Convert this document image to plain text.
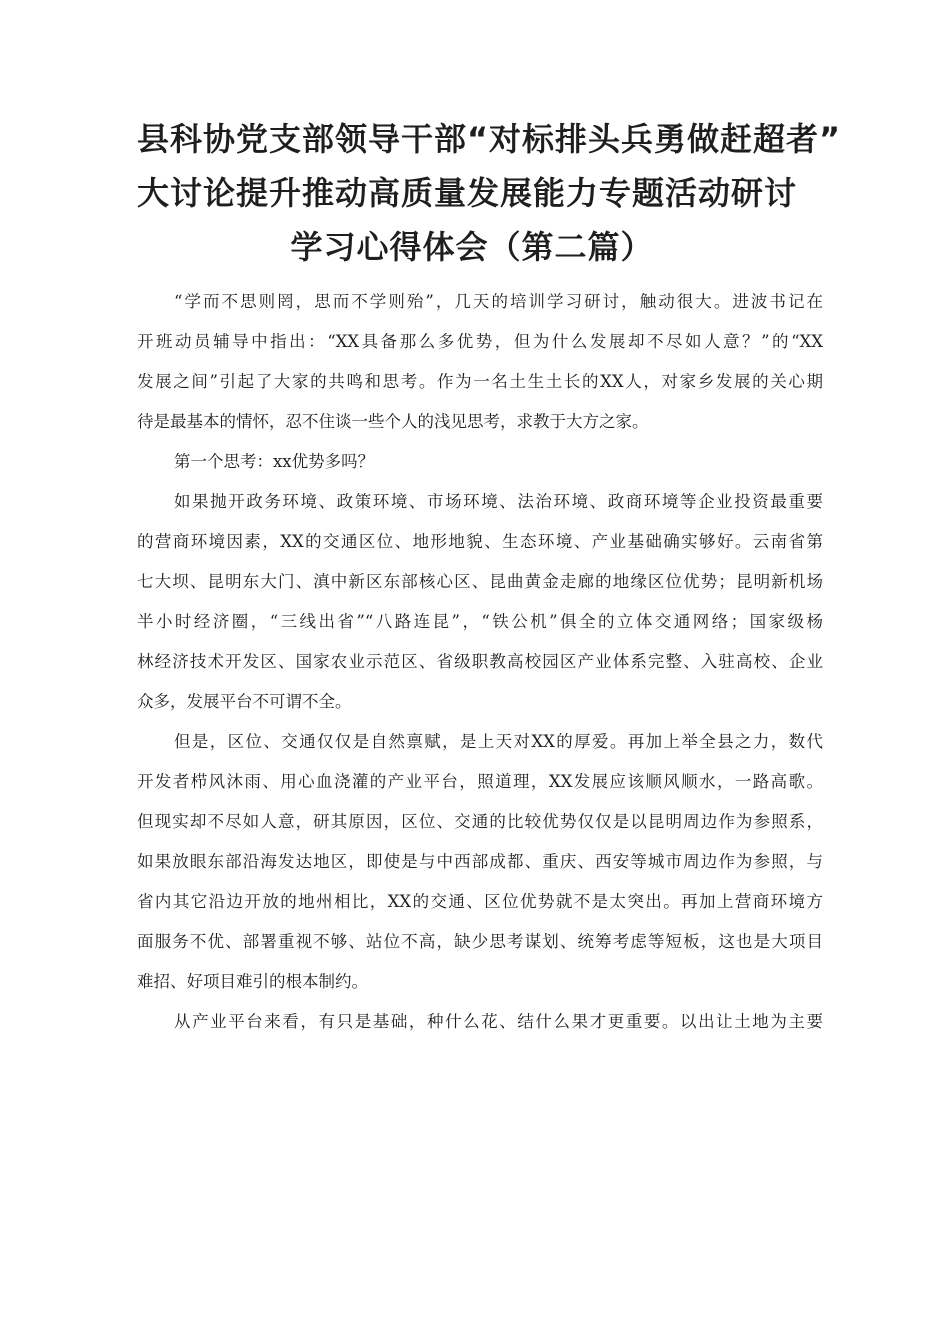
县科协党支部领导干部“对标排头兵勇做赶超者”
大讨论提升推动高质量发展能力专题活动研讨
学习心得体会（第二篇）
“学而不思则罔，思而不学则殆”，几天的培训学习研讨，触动很大。进波书记在
开班动员辅导中指出：“XX具备那么多优势，但为什么发展却不尽如人意？”的“XX
发展之间”引起了大家的共鸣和思考。作为一名土生土长的XX人，对家乡发展的关心期
待是最基本的情怀，忍不住谈一些个人的浅见思考，求教于大方之家。
第一个思考：xx优势多吗？
如果抛开政务环境、政策环境、市场环境、法治环境、政商环境等企业投资最重要
的营商环境因素，XX的交通区位、地形地貌、生态环境、产业基础确实够好。云南省第
七大坝、昆明东大门、滇中新区东部核心区、昆曲黄金走廊的地缘区位优势；昆明新机场
半小时经济圈，“三线出省”“八路连昆”，“铁公机”俱全的立体交通网络；国家级杨
林经济技术开发区、国家农业示范区、省级职教高校园区产业体系完整、入驻高校、企业
众多，发展平台不可谓不全。
但是，区位、交通仅仅是自然禀赋，是上天对XX的厚爱。再加上举全县之力，数代
开发者栉风沐雨、用心血浇灌的产业平台，照道理，XX发展应该顺风顺水，一路高歌。
但现实却不尽如人意，研其原因，区位、交通的比较优势仅仅是以昆明周边作为参照系，
如果放眼东部沿海发达地区，即使是与中西部成都、重庆、西安等城市周边作为参照，与
省内其它沿边开放的地州相比，XX的交通、区位优势就不是太突出。再加上营商环境方
面服务不优、部署重视不够、站位不高，缺少思考谋划、统筹考虑等短板，这也是大项目
难招、好项目难引的根本制约。
从产业平台来看，有只是基础，种什么花、结什么果才更重要。以出让土地为主要
